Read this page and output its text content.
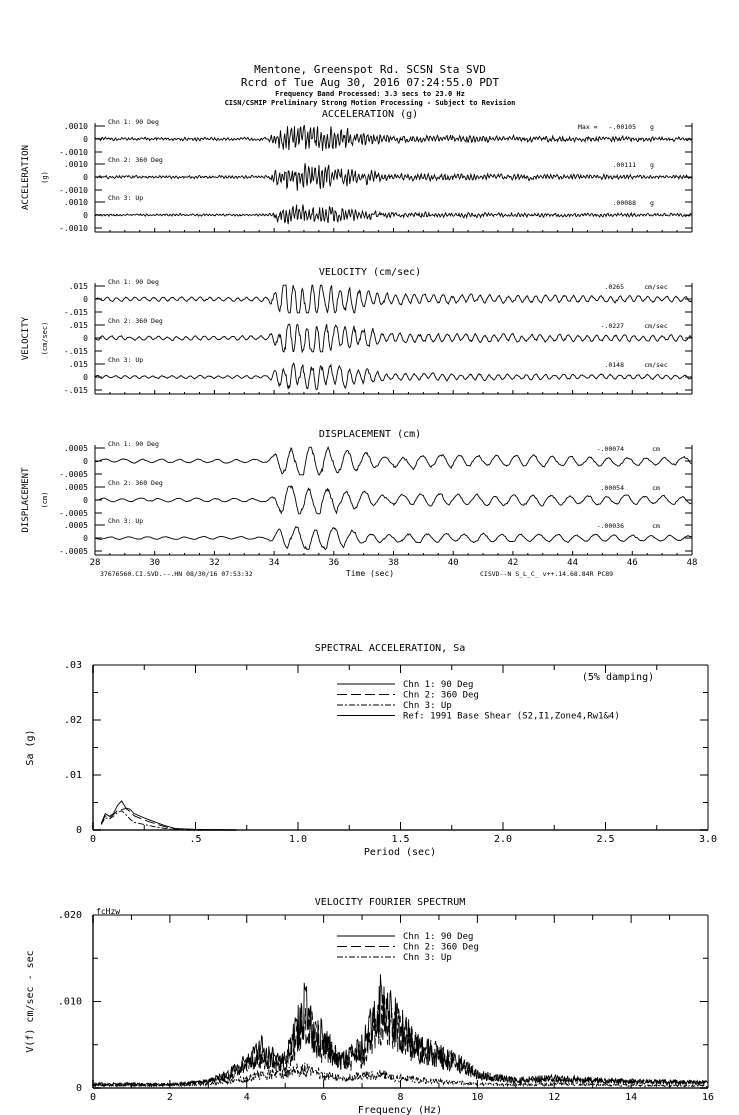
Mentone, Greenspot Rd. SCSN Sta SVD
Rcrd of Tue Aug 30, 2016 07:24:55.0 PDT
Frequency Band Processed: 3.3 secs to 23.0 Hz
CISN/CSMIP Preliminary Strong Motion Processing - Subject to Revision
ACCELERATION (g)
ACCELERATION (g)
.0010
0
-.0010
Chn 1: 90 Deg
Max = -.00105 g
.0010
0
-.0010
Chn 2: 360 Deg
.00111 g
.0010
0
-.0010
Chn 3: Up
.00088 g
VELOCITY (cm/sec)
VELOCITY (cm/sec)
.015
0
-.015
Chn 1: 90 Deg
.0265	cm/sec
.015
0
-.015
Chn 2: 360 Deg
-.0227	cm/sec
.015
0
-.015
Chn 3: Up
.0148	cm/sec
DISPLACEMENT (cm)
DISPLACEMENT (cm)
.0005
0
-.0005
Chn 1: 90 Deg
-.00074	cm
.0005
0
-.0005
Chn 2: 360 Deg
.00054	cm
.0005
0
-.0005
Chn 3: Up
-.00036	cm
28	30	32	34	36	38	40	42	44	46	48
Time (sec)
37676560.CI.SVD.--.HN 08/30/16 07:53:32	CISVD--N S_L_C_ v++.14.68.84R PC89
SPECTRAL ACCELERATION, Sa
.03
.02
.01
0
0	.5	1.0	1.5	2.0	2.5	3.0
Period (sec)
Sa (g)
Chn 1: 90 Deg
Chn 2: 360 Deg
Chn 3: Up
Ref: 1991 Base Shear (S2,I1,Zone4,Rw1&4)
(5% damping)
VELOCITY FOURIER SPECTRUM
.020
.010
0
0	2	4	6	8	10	12	14	16
Frequency (Hz)
V(f) cm/sec - sec
Chn 1: 90 Deg
Chn 2: 360 Deg
Chn 3: Up
fcHzw
